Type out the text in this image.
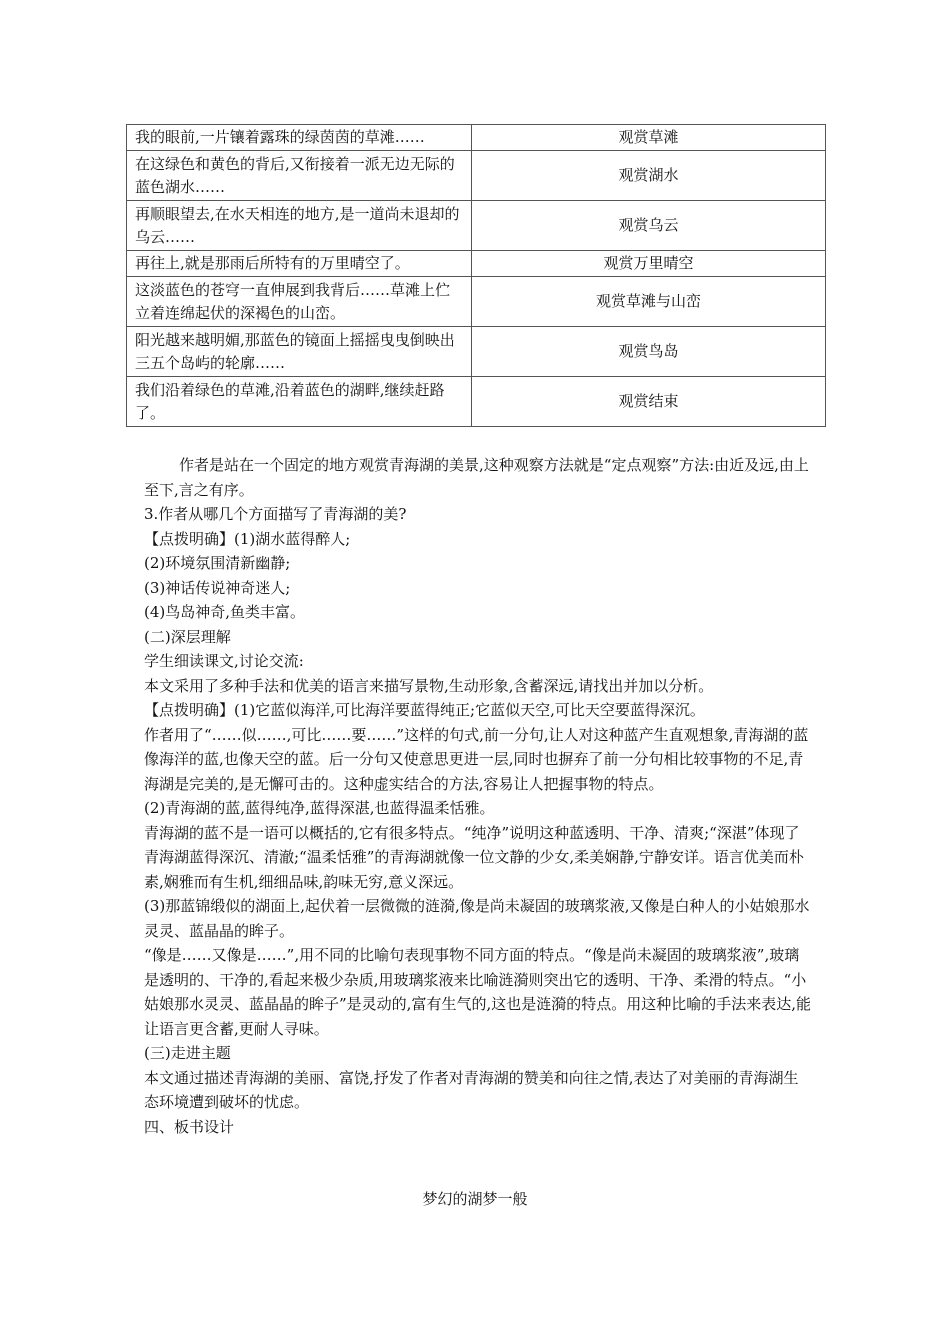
我的眼前,一片镶着露珠的绿茵茵的草滩……	观赏草滩
在这绿色和黄色的背后,又衔接着一派无边无际的蓝色湖水……	观赏湖水
再顺眼望去,在水天相连的地方,是一道尚未退却的乌云……	观赏乌云
再往上,就是那雨后所特有的万里晴空了。	观赏万里晴空
这淡蓝色的苍穹一直伸展到我背后……草滩上伫立着连绵起伏的深褐色的山峦。	观赏草滩与山峦
阳光越来越明媚,那蓝色的镜面上摇摇曳曳倒映出三五个岛屿的轮廓……	观赏鸟岛
我们沿着绿色的草滩,沿着蓝色的湖畔,继续赶路了。	观赏结束

作者是站在一个固定的地方观赏青海湖的美景,这种观察方法就是“定点观察”方法:由近及远,由上至下,言之有序。

3.作者从哪几个方面描写了青海湖的美?

【点拨明确】(1)湖水蓝得醉人;

(2)环境氛围清新幽静;

(3)神话传说神奇迷人;

(4)鸟岛神奇,鱼类丰富。

(二)深层理解

学生细读课文,讨论交流:

本文采用了多种手法和优美的语言来描写景物,生动形象,含蓄深远,请找出并加以分析。

【点拨明确】(1)它蓝似海洋,可比海洋要蓝得纯正;它蓝似天空,可比天空要蓝得深沉。

作者用了“……似……,可比……要……”这样的句式,前一分句,让人对这种蓝产生直观想象,青海湖的蓝像海洋的蓝,也像天空的蓝。后一分句又使意思更进一层,同时也摒弃了前一分句相比较事物的不足,青海湖是完美的,是无懈可击的。这种虚实结合的方法,容易让人把握事物的特点。

(2)青海湖的蓝,蓝得纯净,蓝得深湛,也蓝得温柔恬雅。

青海湖的蓝不是一语可以概括的,它有很多特点。“纯净”说明这种蓝透明、干净、清爽;“深湛”体现了青海湖蓝得深沉、清澈;“温柔恬雅”的青海湖就像一位文静的少女,柔美娴静,宁静安详。语言优美而朴素,娴雅而有生机,细细品味,韵味无穷,意义深远。

(3)那蓝锦缎似的湖面上,起伏着一层微微的涟漪,像是尚未凝固的玻璃浆液,又像是白种人的小姑娘那水灵灵、蓝晶晶的眸子。

“像是……又像是……”,用不同的比喻句表现事物不同方面的特点。“像是尚未凝固的玻璃浆液”,玻璃是透明的、干净的,看起来极少杂质,用玻璃浆液来比喻涟漪则突出它的透明、干净、柔滑的特点。“小姑娘那水灵灵、蓝晶晶的眸子”是灵动的,富有生气的,这也是涟漪的特点。用这种比喻的手法来表达,能让语言更含蓄,更耐人寻味。

(三)走进主题

本文通过描述青海湖的美丽、富饶,抒发了作者对青海湖的赞美和向往之情,表达了对美丽的青海湖生态环境遭到破坏的忧虑。

四、板书设计

梦幻的湖梦一般
